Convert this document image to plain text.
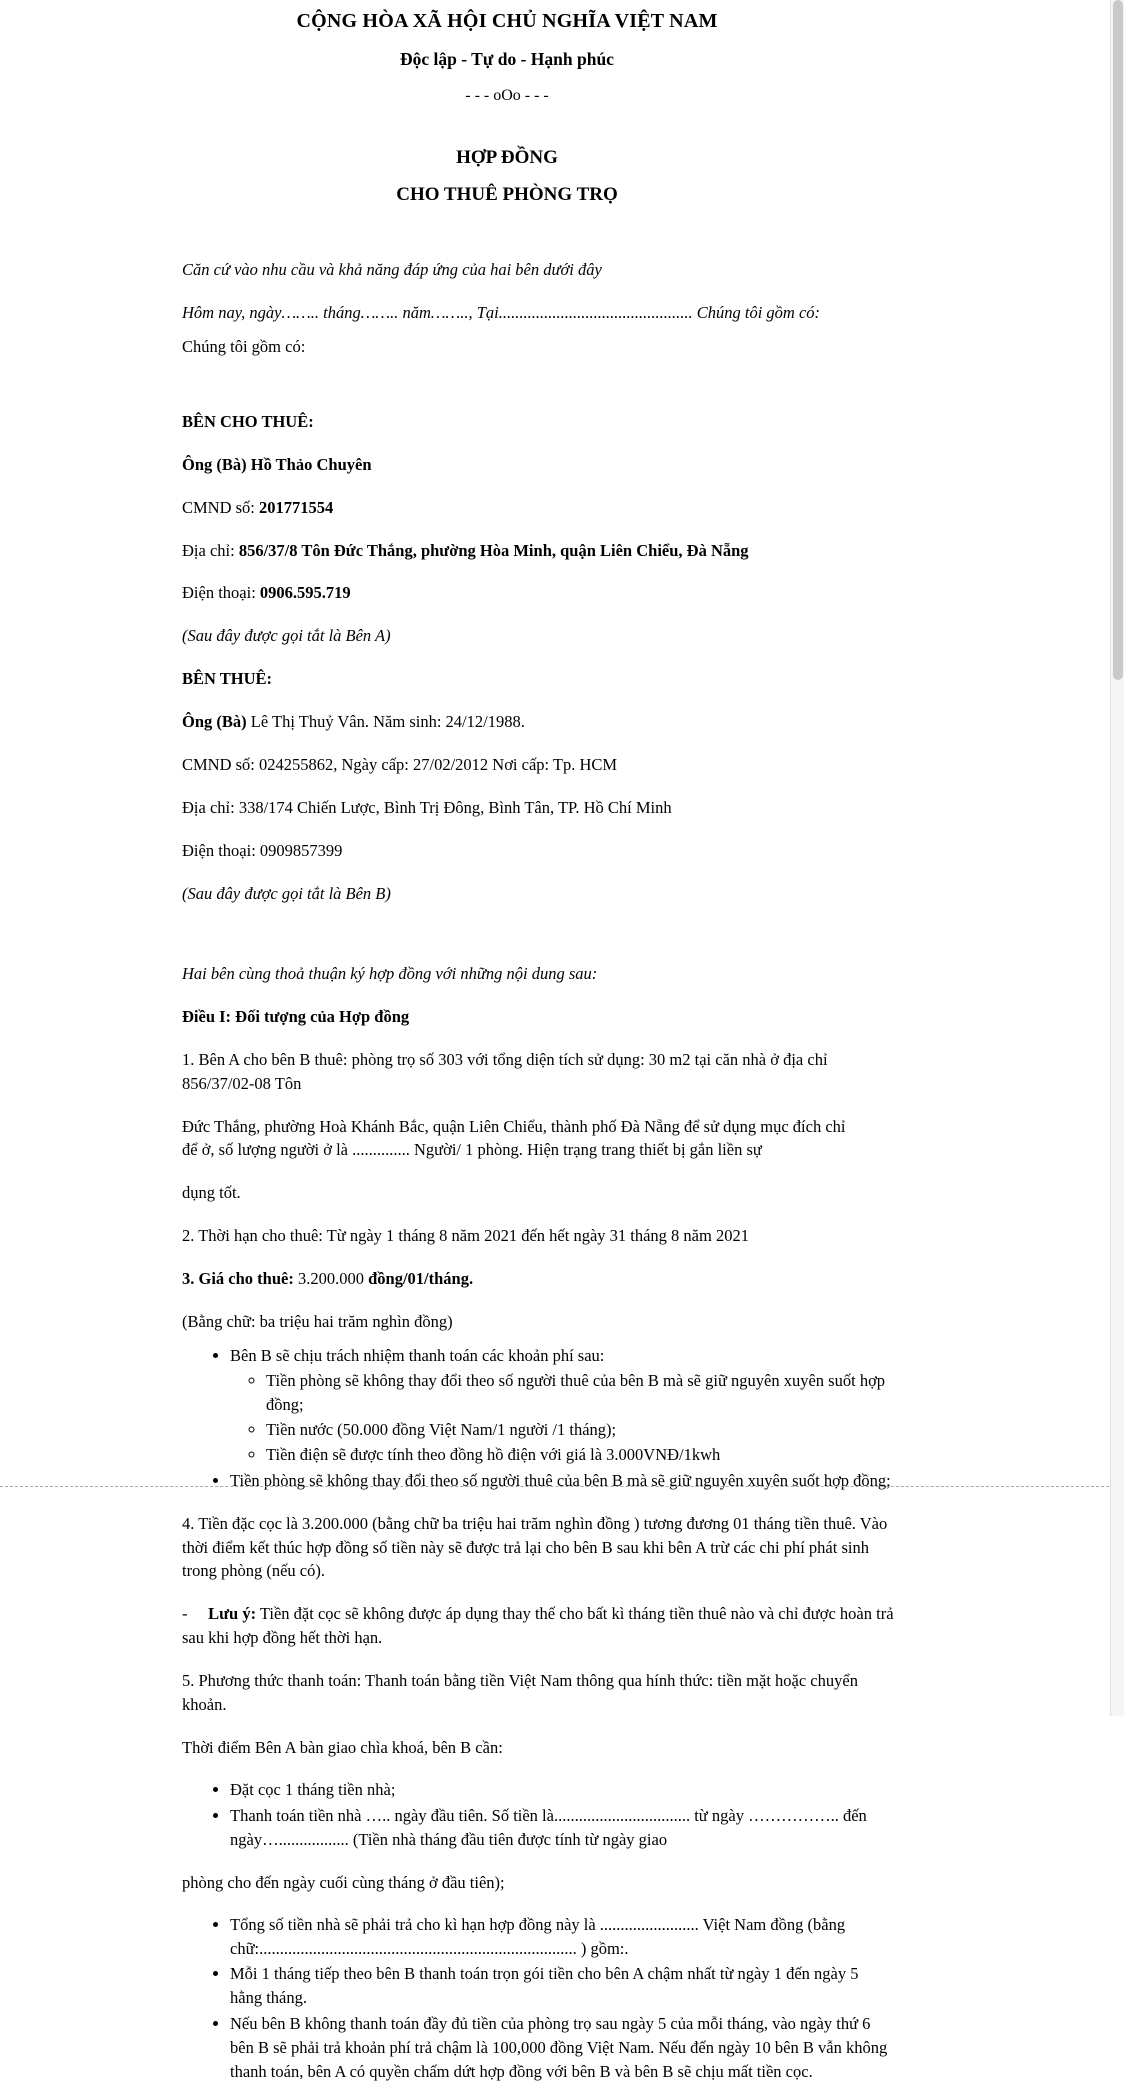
CỘNG HÒA XÃ HỘI CHỦ NGHĨA VIỆT NAM
Độc lập - Tự do - Hạnh phúc
- - - oOo - - -
HỢP ĐỒNG
CHO THUÊ PHÒNG TRỌ

Căn cứ vào nhu cầu và khả năng đáp ứng của hai bên dưới đây

Hôm nay, ngày…….. tháng…….. năm…….., Tại............................................... Chúng tôi gồm có:

Chúng tôi gồm có:

BÊN CHO THUÊ:

Ông (Bà) Hồ Thảo Chuyên

CMND số: 201771554

Địa chỉ: 856/37/8 Tôn Đức Thắng, phường Hòa Minh, quận Liên Chiểu, Đà Nẵng

Điện thoại: 0906.595.719

(Sau đây được gọi tắt là Bên A)

BÊN THUÊ:

Ông (Bà) Lê Thị Thuỷ Vân. Năm sinh: 24/12/1988.

CMND số: 024255862, Ngày cấp: 27/02/2012 Nơi cấp: Tp. HCM

Địa chỉ: 338/174 Chiến Lược, Bình Trị Đông, Bình Tân, TP. Hồ Chí Minh

Điện thoại: 0909857399

(Sau đây được gọi tắt là Bên B)

Hai bên cùng thoả thuận ký hợp đồng với những nội dung sau:

Điều I: Đối tượng của Hợp đồng

1. Bên A cho bên B thuê: phòng trọ số 303 với tổng diện tích sử dụng: 30 m2 tại căn nhà ở địa chỉ
856/37/02-08 Tôn

Đức Thắng, phường Hoà Khánh Bắc, quận Liên Chiểu, thành phố Đà Nẵng để sử dụng mục đích chỉ
để ở, số lượng người ở là .............. Người/ 1 phòng. Hiện trạng trang thiết bị gắn liền sự

dụng tốt.

2. Thời hạn cho thuê: Từ ngày 1 tháng 8 năm 2021 đến hết ngày 31 tháng 8 năm 2021

3. Giá cho thuê: 3.200.000 đồng/01/tháng.

(Bằng chữ: ba triệu hai trăm nghìn đồng)

• Bên B sẽ chịu trách nhiệm thanh toán các khoản phí sau:
◦ Tiền phòng sẽ không thay đổi theo số người thuê của bên B mà sẽ giữ nguyên xuyên suốt hợp đồng;
◦ Tiền nước (50.000 đồng Việt Nam/1 người /1 tháng);
◦ Tiền điện sẽ được tính theo đồng hồ điện với giá là 3.000VNĐ/1kwh
• Tiền phòng sẽ không thay đổi theo số người thuê của bên B mà sẽ giữ nguyên xuyên suốt hợp đồng;

4. Tiền đặc cọc là 3.200.000 (bằng chữ ba triệu hai trăm nghìn đồng ) tương đương 01 tháng tiền thuê. Vào thời điểm kết thúc hợp đồng số tiền này sẽ được trả lại cho bên B sau khi bên A trừ các chi phí phát sinh trong phòng (nếu có).

- Lưu ý: Tiền đặt cọc sẽ không được áp dụng thay thế cho bất kì tháng tiền thuê nào và chỉ được hoàn trả sau khi hợp đồng hết thời hạn.

5. Phương thức thanh toán: Thanh toán bằng tiền Việt Nam thông qua hính thức: tiền mặt hoặc chuyển khoản.

Thời điểm Bên A bàn giao chìa khoá, bên B cần:

• Đặt cọc 1 tháng tiền nhà;
• Thanh toán tiền nhà ….. ngày đầu tiên. Số tiền là................................. từ ngày …………….. đến ngày…................. (Tiền nhà tháng đầu tiên được tính từ ngày giao

phòng cho đến ngày cuối cùng tháng ở đầu tiên);

• Tổng số tiền nhà sẽ phải trả cho kì hạn hợp đồng này là ........................ Việt Nam đồng (bằng chữ:............................................................................. ) gồm:.
• Mỗi 1 tháng tiếp theo bên B thanh toán trọn gói tiền cho bên A chậm nhất từ ngày 1 đến ngày 5 hằng tháng.
• Nếu bên B không thanh toán đầy đủ tiền của phòng trọ sau ngày 5 của mỗi tháng, vào ngày thứ 6 bên B sẽ phải trả khoản phí trả chậm là 100,000 đồng Việt Nam. Nếu đến ngày 10 bên B vẫn không thanh toán, bên A có quyền chấm dứt hợp đồng với bên B và bên B sẽ chịu mất tiền cọc.
